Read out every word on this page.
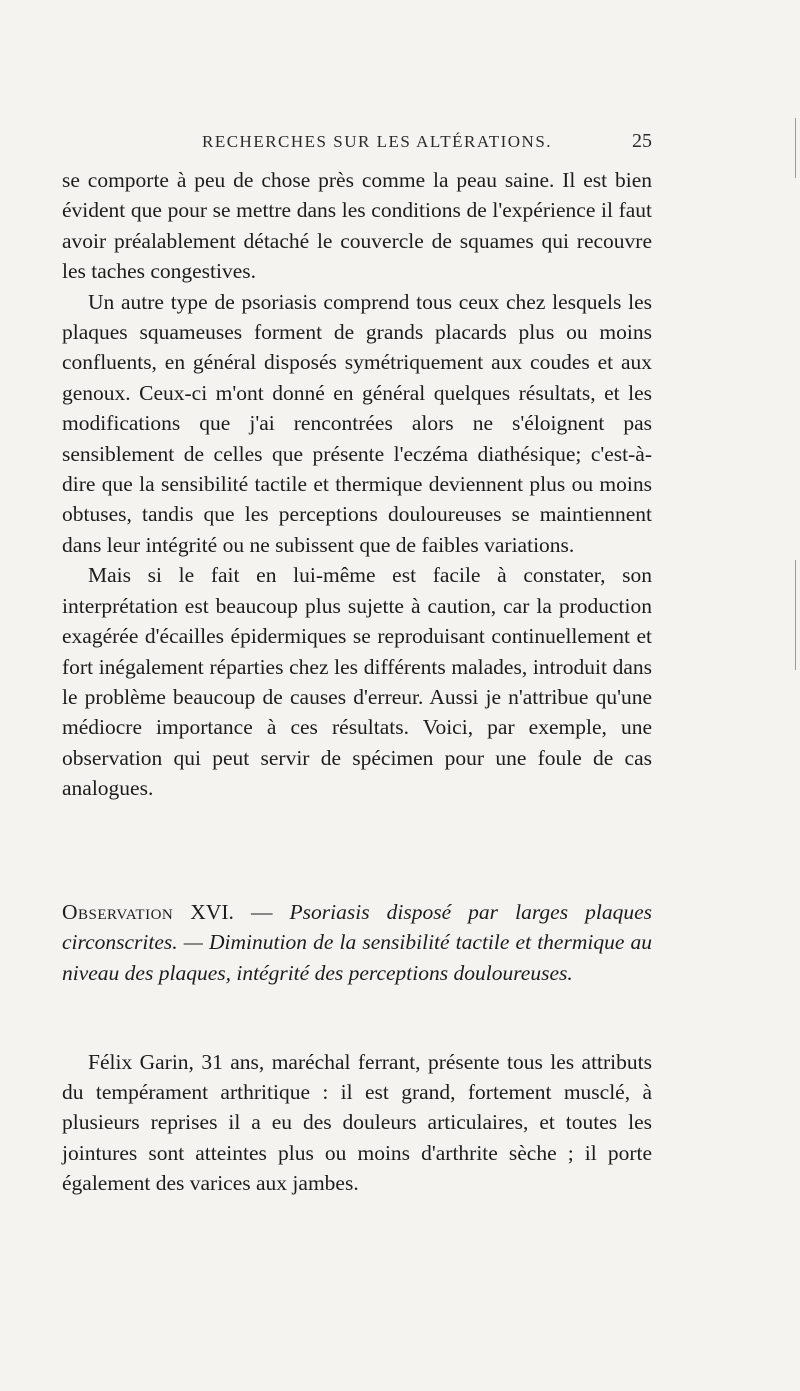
RECHERCHES SUR LES ALTÉRATIONS.	25

se comporte à peu de chose près comme la peau saine. Il est bien évident que pour se mettre dans les conditions de l'expérience il faut avoir préalablement détaché le couvercle de squames qui recouvre les taches congestives.

Un autre type de psoriasis comprend tous ceux chez lesquels les plaques squameuses forment de grands placards plus ou moins confluents, en général disposés symétriquement aux coudes et aux genoux. Ceux-ci m'ont donné en général quelques résultats, et les modifications que j'ai rencontrées alors ne s'éloignent pas sensiblement de celles que présente l'eczéma diathésique; c'est-à-dire que la sensibilité tactile et thermique deviennent plus ou moins obtuses, tandis que les perceptions douloureuses se maintiennent dans leur intégrité ou ne subissent que de faibles variations.

Mais si le fait en lui-même est facile à constater, son interprétation est beaucoup plus sujette à caution, car la production exagérée d'écailles épidermiques se reproduisant continuellement et fort inégalement réparties chez les différents malades, introduit dans le problème beaucoup de causes d'erreur. Aussi je n'attribue qu'une médiocre importance à ces résultats. Voici, par exemple, une observation qui peut servir de spécimen pour une foule de cas analogues.

Observation XVI. — Psoriasis disposé par larges plaques circonscrites. — Diminution de la sensibilité tactile et thermique au niveau des plaques, intégrité des perceptions douloureuses.

Félix Garin, 31 ans, maréchal ferrant, présente tous les attributs du tempérament arthritique : il est grand, fortement musclé, à plusieurs reprises il a eu des douleurs articulaires, et toutes les jointures sont atteintes plus ou moins d'arthrite sèche ; il porte également des varices aux jambes.
